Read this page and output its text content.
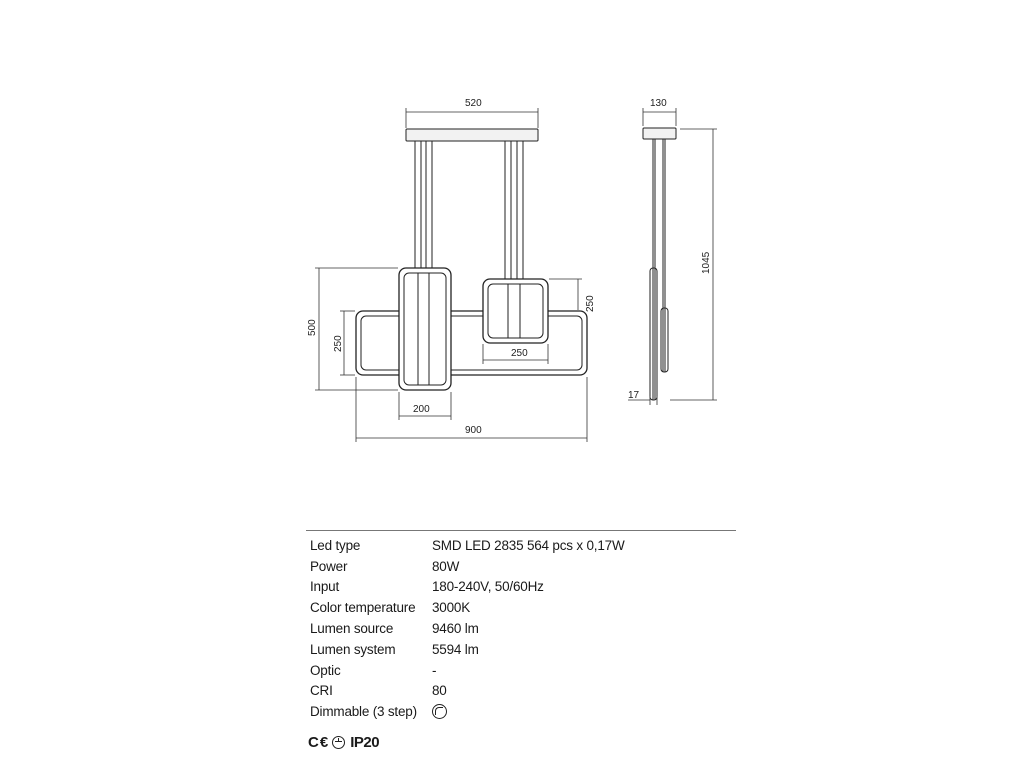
520	130
1045
500
250
250
250
200
900
17
Led type	SMD LED 2835 564 pcs x 0,17W
Power	80W
Input	180-240V, 50/60Hz
Color temperature	3000K
Lumen source	9460 lm
Lumen system	5594 lm
Optic	-
CRI	80
Dimmable (3 step)
C € IP20
